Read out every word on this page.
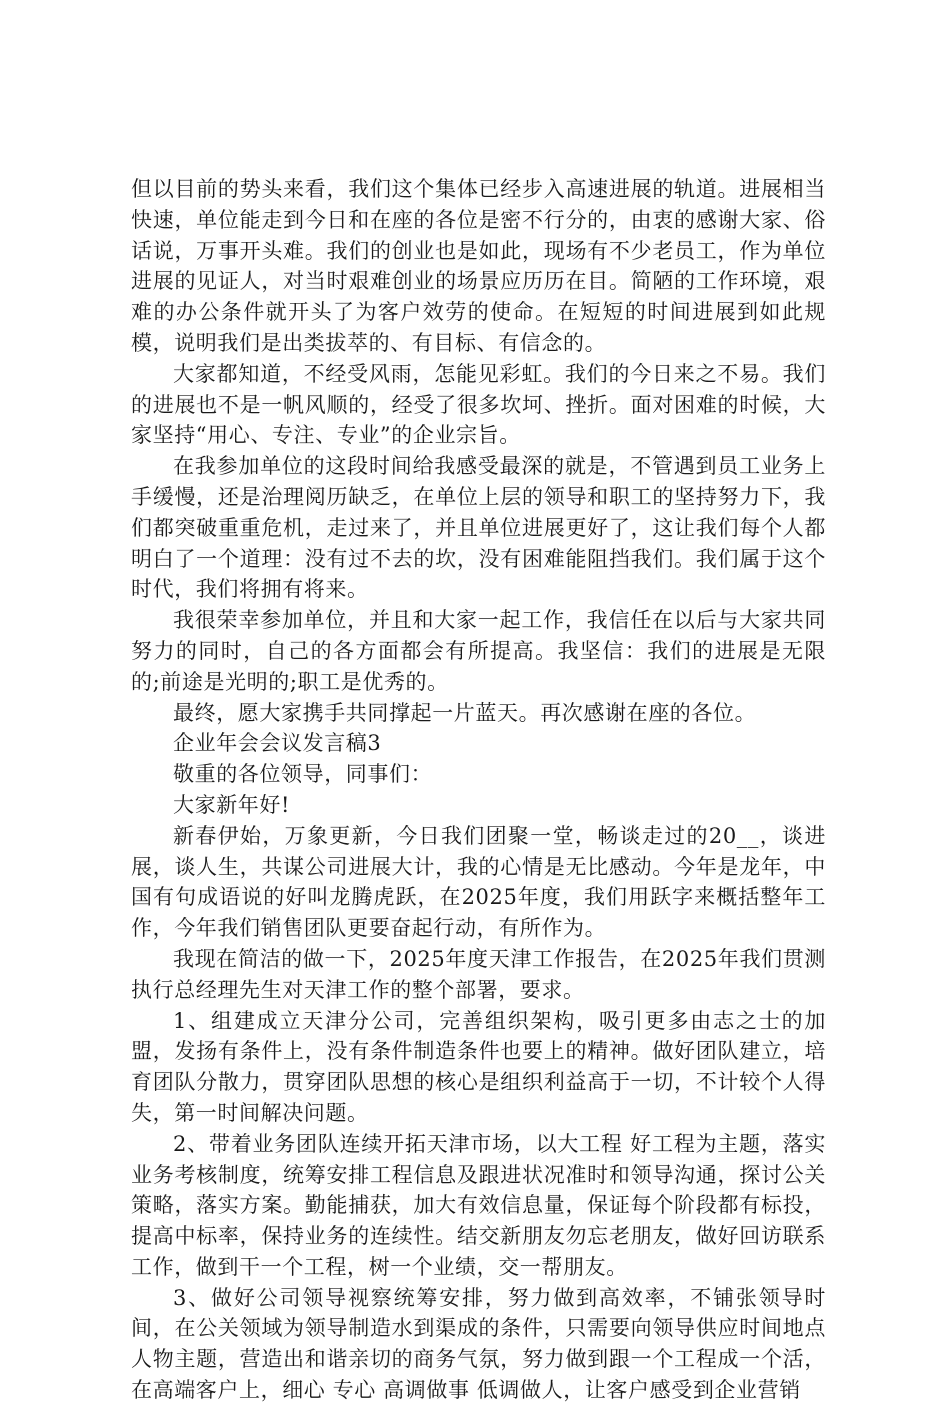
但以目前的势头来看，我们这个集体已经步入高速进展的轨道。进展相当快速，单位能走到今日和在座的各位是密不行分的，由衷的感谢大家、俗话说，万事开头难。我们的创业也是如此，现场有不少老员工，作为单位进展的见证人，对当时艰难创业的场景应历历在目。简陋的工作环境，艰难的办公条件就开头了为客户效劳的使命。在短短的时间进展到如此规模，说明我们是出类拔萃的、有目标、有信念的。

大家都知道，不经受风雨，怎能见彩虹。我们的今日来之不易。我们的进展也不是一帆风顺的，经受了很多坎坷、挫折。面对困难的时候，大家坚持“用心、专注、专业”的企业宗旨。

在我参加单位的这段时间给我感受最深的就是，不管遇到员工业务上手缓慢，还是治理阅历缺乏，在单位上层的领导和职工的坚持努力下，我们都突破重重危机，走过来了，并且单位进展更好了，这让我们每个人都明白了一个道理：没有过不去的坎，没有困难能阻挡我们。我们属于这个时代，我们将拥有将来。

我很荣幸参加单位，并且和大家一起工作，我信任在以后与大家共同努力的同时，自己的各方面都会有所提高。我坚信：我们的进展是无限的;前途是光明的;职工是优秀的。

最终，愿大家携手共同撑起一片蓝天。再次感谢在座的各位。

企业年会会议发言稿3

敬重的各位领导，同事们：

大家新年好!

新春伊始，万象更新，今日我们团聚一堂，畅谈走过的20__，谈进展，谈人生，共谋公司进展大计，我的心情是无比感动。今年是龙年，中国有句成语说的好叫龙腾虎跃，在2025年度，我们用跃字来概括整年工作，今年我们销售团队更要奋起行动，有所作为。

我现在简洁的做一下，2025年度天津工作报告，在2025年我们贯测执行总经理先生对天津工作的整个部署，要求。

1、组建成立天津分公司，完善组织架构，吸引更多由志之士的加盟，发扬有条件上，没有条件制造条件也要上的精神。做好团队建立，培育团队分散力，贯穿团队思想的核心是组织利益高于一切，不计较个人得失，第一时间解决问题。

2、带着业务团队连续开拓天津市场，以大工程 好工程为主题，落实业务考核制度，统筹安排工程信息及跟进状况准时和领导沟通，探讨公关策略，落实方案。勤能捕获，加大有效信息量，保证每个阶段都有标投，提高中标率，保持业务的连续性。结交新朋友勿忘老朋友，做好回访联系工作，做到干一个工程，树一个业绩，交一帮朋友。

3、做好公司领导视察统筹安排，努力做到高效率，不铺张领导时间，在公关领域为领导制造水到渠成的条件，只需要向领导供应时间地点人物主题，营造出和谐亲切的商务气氛，努力做到跟一个工程成一个活，在高端客户上，细心 专心 高调做事 低调做人，让客户感受到企业营销
